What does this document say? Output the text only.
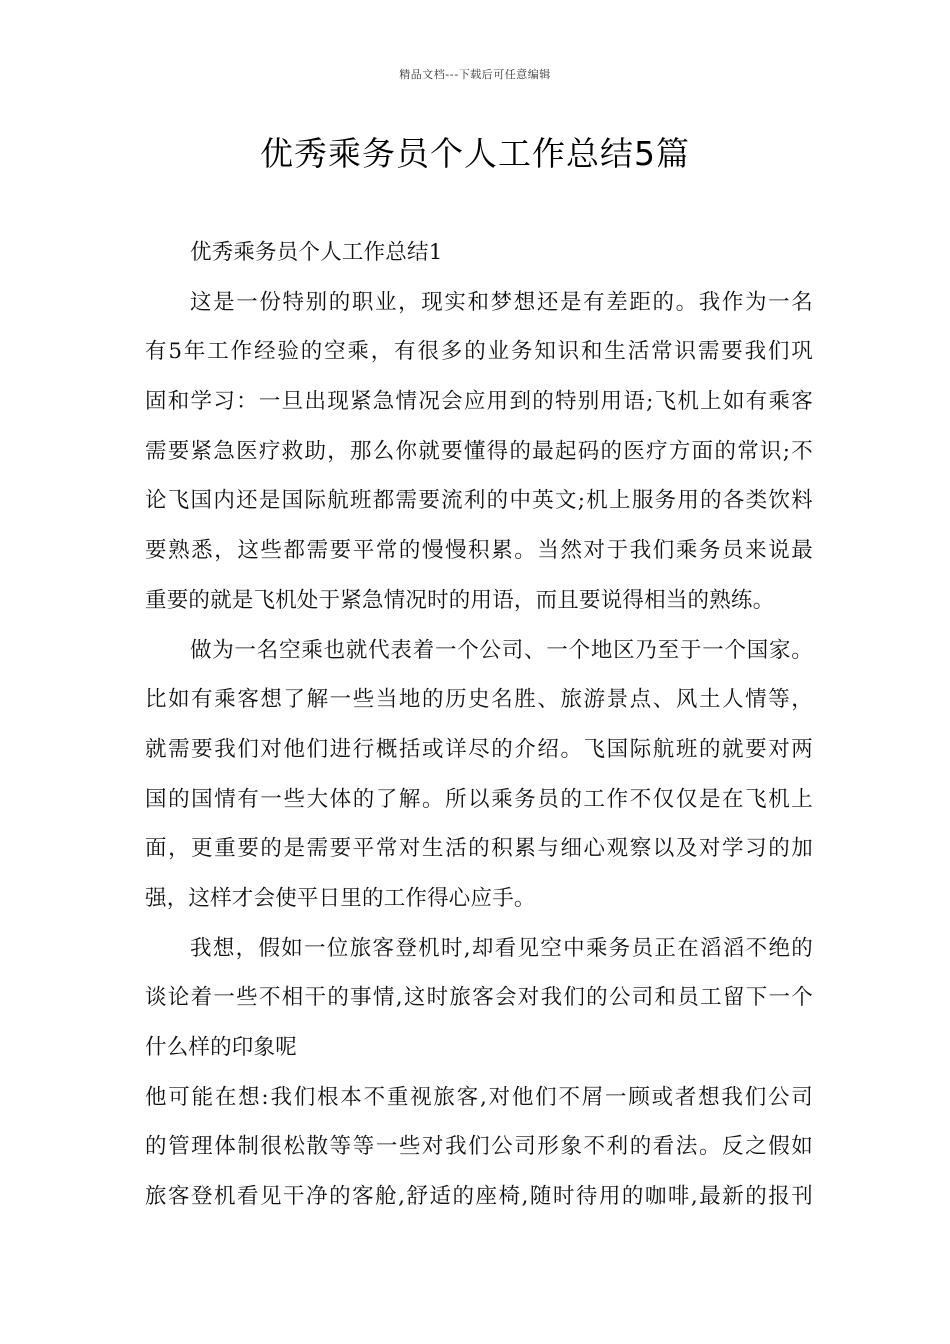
精品文档---下载后可任意编辑
优秀乘务员个人工作总结5篇
优秀乘务员个人工作总结1
这是一份特别的职业，现实和梦想还是有差距的。我作为一名
有5年工作经验的空乘，有很多的业务知识和生活常识需要我们巩
固和学习：一旦出现紧急情况会应用到的特别用语;飞机上如有乘客
需要紧急医疗救助，那么你就要懂得的最起码的医疗方面的常识;不
论飞国内还是国际航班都需要流利的中英文;机上服务用的各类饮料
要熟悉，这些都需要平常的慢慢积累。当然对于我们乘务员来说最
重要的就是飞机处于紧急情况时的用语，而且要说得相当的熟练。
做为一名空乘也就代表着一个公司、一个地区乃至于一个国家。
比如有乘客想了解一些当地的历史名胜、旅游景点、风土人情等，
就需要我们对他们进行概括或详尽的介绍。飞国际航班的就要对两
国的国情有一些大体的了解。所以乘务员的工作不仅仅是在飞机上
面，更重要的是需要平常对生活的积累与细心观察以及对学习的加
强，这样才会使平日里的工作得心应手。
我想，假如一位旅客登机时,却看见空中乘务员正在滔滔不绝的
谈论着一些不相干的事情,这时旅客会对我们的公司和员工留下一个
什么样的印象呢
他可能在想:我们根本不重视旅客,对他们不屑一顾或者想我们公司
的管理体制很松散等等一些对我们公司形象不利的看法。反之假如
旅客登机看见干净的客舱,舒适的座椅,随时待用的咖啡,最新的报刊
